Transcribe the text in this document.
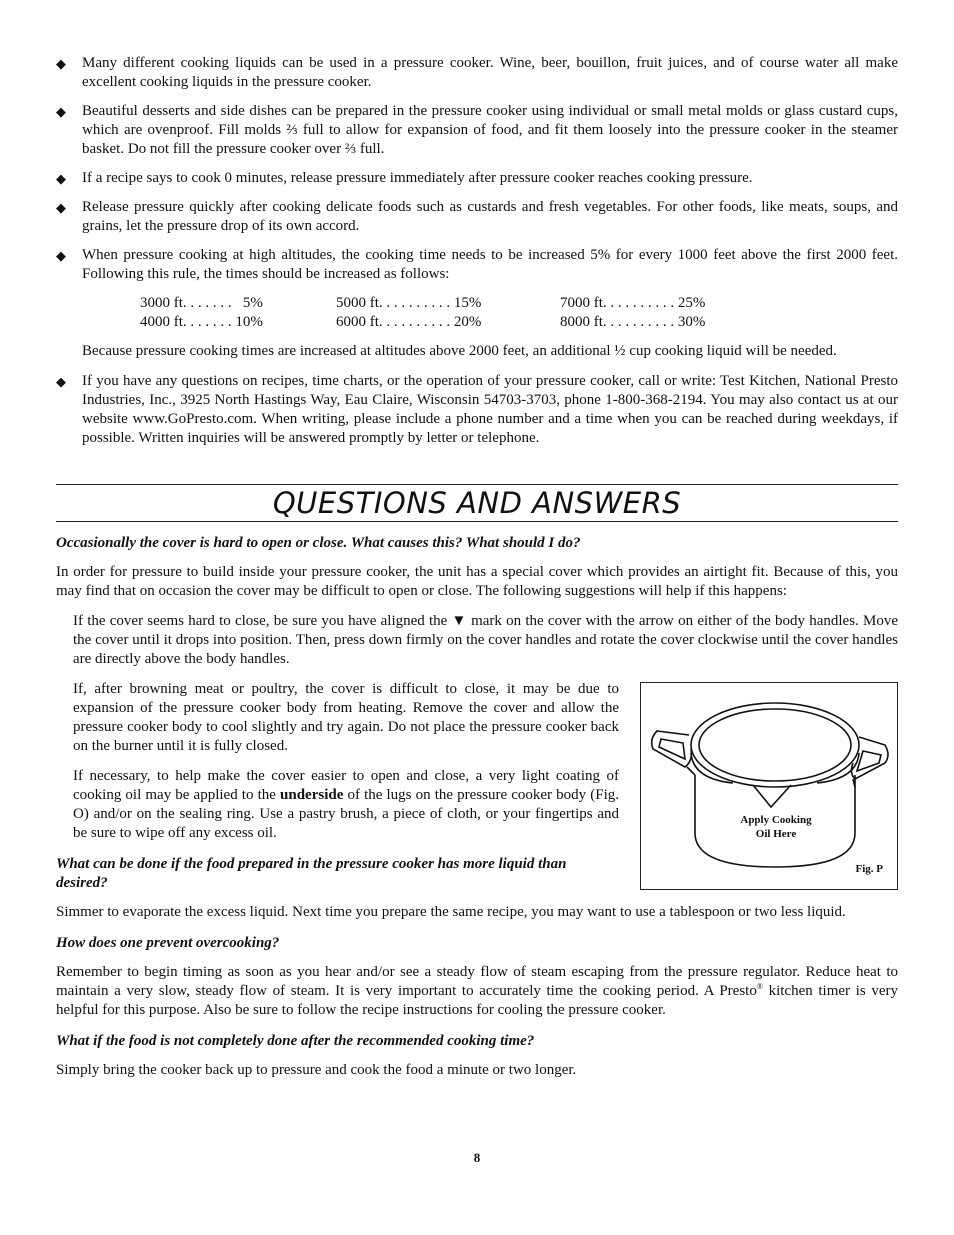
◆ Many different cooking liquids can be used in a pressure cooker. Wine, beer, bouillon, fruit juices, and of course water all make excellent cooking liquids in the pressure cooker.
◆ Beautiful desserts and side dishes can be prepared in the pressure cooker using individual or small metal molds or glass custard cups, which are ovenproof. Fill molds ⅔ full to allow for expansion of food, and fit them loosely into the pressure cooker in the steamer basket. Do not fill the pressure cooker over ⅔ full.
◆ If a recipe says to cook 0 minutes, release pressure immediately after pressure cooker reaches cooking pressure.
◆ Release pressure quickly after cooking delicate foods such as custards and fresh vegetables. For other foods, like meats, soups, and grains, let the pressure drop of its own accord.
◆ When pressure cooking at high altitudes, the cooking time needs to be increased 5% for every 1000 feet above the first 2000 feet. Following this rule, the times should be increased as follows:
3000 ft. . . . . . .   5%	5000 ft. . . . . . . . . . 15%	7000 ft. . . . . . . . . . 25%
4000 ft. . . . . . . 10%	6000 ft. . . . . . . . . . 20%	8000 ft. . . . . . . . . . 30%
Because pressure cooking times are increased at altitudes above 2000 feet, an additional ½ cup cooking liquid will be needed.
◆ If you have any questions on recipes, time charts, or the operation of your pressure cooker, call or write: Test Kitchen, National Presto Industries, Inc., 3925 North Hastings Way, Eau Claire, Wisconsin 54703-3703, phone 1-800-368-2194. You may also contact us at our website www.GoPresto.com. When writing, please include a phone number and a time when you can be reached during weekdays, if possible. Written inquiries will be answered promptly by letter or telephone.
QUESTIONS AND ANSWERS
Occasionally the cover is hard to open or close. What causes this? What should I do?
In order for pressure to build inside your pressure cooker, the unit has a special cover which provides an airtight fit. Because of this, you may find that on occasion the cover may be difficult to open or close. The following suggestions will help if this happens:
If the cover seems hard to close, be sure you have aligned the ▼ mark on the cover with the arrow on either of the body handles. Move the cover until it drops into position. Then, press down firmly on the cover handles and rotate the cover clockwise until the cover handles are directly above the body handles.
If, after browning meat or poultry, the cover is difficult to close, it may be due to expansion of the pressure cooker body from heating. Remove the cover and allow the pressure cooker body to cool slightly and try again. Do not place the pressure cooker back on the burner until it is fully closed.
If necessary, to help make the cover easier to open and close, a very light coating of cooking oil may be applied to the underside of the lugs on the pressure cooker body (Fig. O) and/or on the sealing ring. Use a pastry brush, a piece of cloth, or your fingertips and be sure to wipe off any excess oil.
What can be done if the food prepared in the pressure cooker has more liquid than desired?
Simmer to evaporate the excess liquid. Next time you prepare the same recipe, you may want to use a tablespoon or two less liquid.
How does one prevent overcooking?
Remember to begin timing as soon as you hear and/or see a steady flow of steam escaping from the pressure regulator. Reduce heat to maintain a very slow, steady flow of steam. It is very important to accurately time the cooking period. A Presto® kitchen timer is very helpful for this purpose. Also be sure to follow the recipe instructions for cooling the pressure cooker.
What if the food is not completely done after the recommended cooking time?
Simply bring the cooker back up to pressure and cook the food a minute or two longer.
Apply Cooking
Oil Here
Fig. P
8
